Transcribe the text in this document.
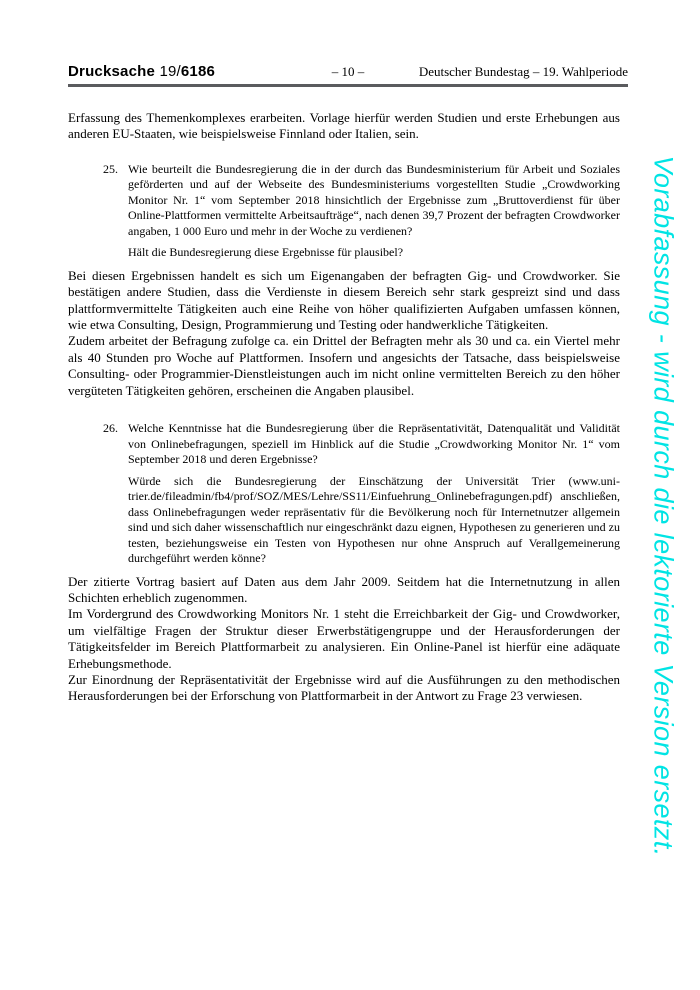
Drucksache 19/6186	– 10 –	Deutscher Bundestag – 19. Wahlperiode
Vorabfassung - wird durch die lektorierte Version ersetzt.

Erfassung des Themenkomplexes erarbeiten. Vorlage hierfür werden Studien und erste Erhebungen aus anderen EU-Staaten, wie beispielsweise Finnland oder Italien, sein.

25. Wie beurteilt die Bundesregierung die in der durch das Bundesministerium für Arbeit und Soziales geförderten und auf der Webseite des Bundesministeriums vorgestellten Studie „Crowdworking Monitor Nr. 1“ vom September 2018 hinsichtlich der Ergebnisse zum „Bruttoverdienst für über Online-Plattformen vermittelte Arbeitsaufträge“, nach denen 39,7 Prozent der befragten Crowdworker angaben, 1 000 Euro und mehr in der Woche zu verdienen?

Hält die Bundesregierung diese Ergebnisse für plausibel?

Bei diesen Ergebnissen handelt es sich um Eigenangaben der befragten Gig- und Crowdworker. Sie bestätigen andere Studien, dass die Verdienste in diesem Bereich sehr stark gespreizt sind und dass plattformvermittelte Tätigkeiten auch eine Reihe von höher qualifizierten Aufgaben umfassen können, wie etwa Consulting, Design, Programmierung und Testing oder handwerkliche Tätigkeiten.

Zudem arbeitet der Befragung zufolge ca. ein Drittel der Befragten mehr als 30 und ca. ein Viertel mehr als 40 Stunden pro Woche auf Plattformen. Insofern und angesichts der Tatsache, dass beispielsweise Consulting- oder Programmier-Dienstleistungen auch im nicht online vermittelten Bereich zu den höher vergüteten Tätigkeiten gehören, erscheinen die Angaben plausibel.

26. Welche Kenntnisse hat die Bundesregierung über die Repräsentativität, Datenqualität und Validität von Onlinebefragungen, speziell im Hinblick auf die Studie „Crowdworking Monitor Nr. 1“ vom September 2018 und deren Ergebnisse?

Würde sich die Bundesregierung der Einschätzung der Universität Trier (www.uni-trier.de/fileadmin/fb4/prof/SOZ/MES/Lehre/SS11/Einfuehrung_Onlinebefragungen.pdf) anschließen, dass Onlinebefragungen weder repräsentativ für die Bevölkerung noch für Internetnutzer allgemein sind und sich daher wissenschaftlich nur eingeschränkt dazu eignen, Hypothesen zu generieren und zu testen, beziehungsweise ein Testen von Hypothesen nur ohne Anspruch auf Verallgemeinerung durchgeführt werden könne?

Der zitierte Vortrag basiert auf Daten aus dem Jahr 2009. Seitdem hat die Internetnutzung in allen Schichten erheblich zugenommen.

Im Vordergrund des Crowdworking Monitors Nr. 1 steht die Erreichbarkeit der Gig- und Crowdworker, um vielfältige Fragen der Struktur dieser Erwerbstätigengruppe und der Herausforderungen der Tätigkeitsfelder im Bereich Plattformarbeit zu analysieren. Ein Online-Panel ist hierfür eine adäquate Erhebungsmethode.

Zur Einordnung der Repräsentativität der Ergebnisse wird auf die Ausführungen zu den methodischen Herausforderungen bei der Erforschung von Plattformarbeit in der Antwort zu Frage 23 verwiesen.
